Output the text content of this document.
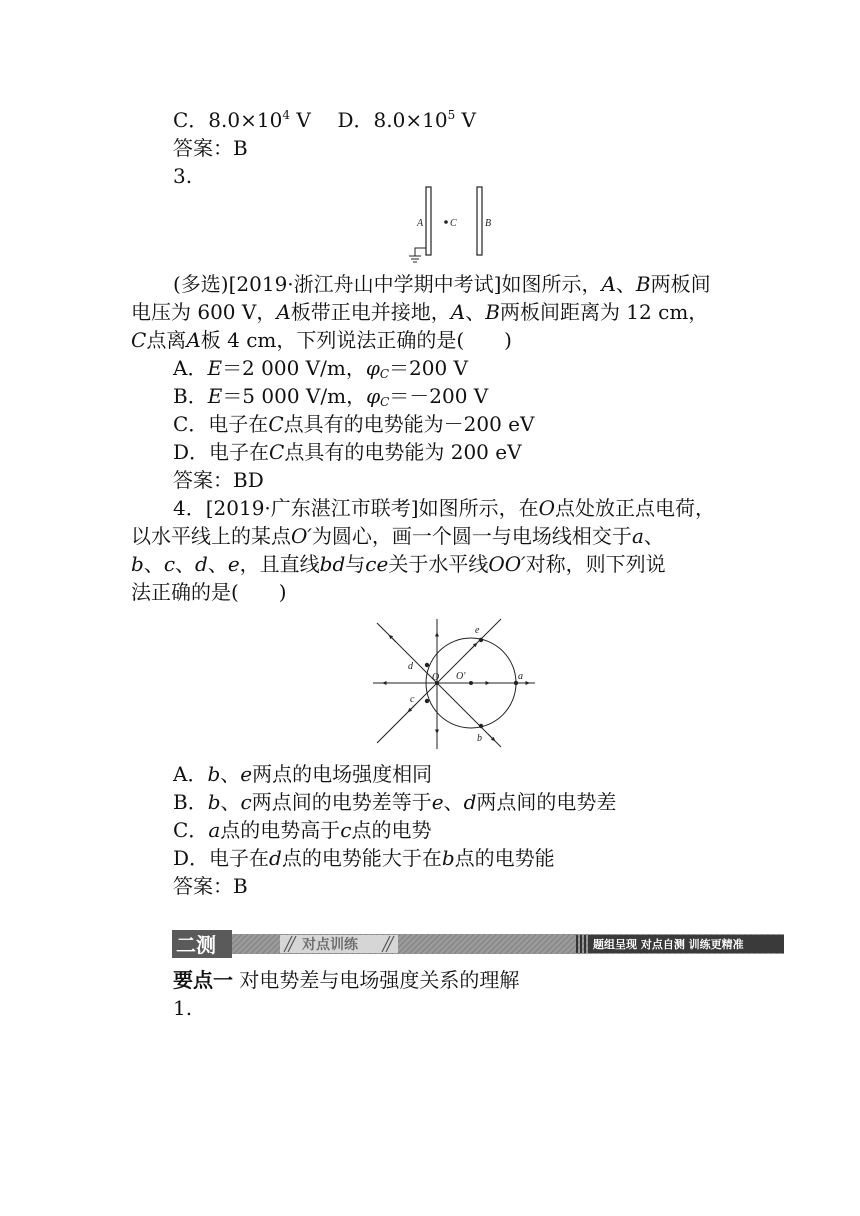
C．$8.0\times 10^4$ V D．$8.0\times 10^5$ V
答案：B
3.
A	C	B
(多选)[2019·浙江舟山中学期中考试]如图所示，A、B两板间
电压为 600 V，A板带正电并接地，A、B两板间距离为 12 cm，
C点离A板 4 cm，下列说法正确的是(　　)
A．E＝2 000 V/m，$\varphi_C=200$ V
B．E＝5 000 V/m，$\varphi_C=-200$ V
C．电子在C点具有的电势能为－200 eV
D．电子在C点具有的电势能为 200 eV
答案：BD
4．[2019·广东湛江市联考]如图所示，在O点处放正点电荷，
以水平线上的某点O′为圆心，画一个圆一与电场线相交于a、
b、c、d、e，且直线bd与ce关于水平线OO′对称，则下列说
法正确的是(　　)
e
d
O O′	a
c
b
A．b、e两点的电场强度相同
B．b、c两点间的电势差等于e、d两点间的电势差
C．a点的电势高于c点的电势
D．电子在d点的电势能大于在b点的电势能
答案：B
二测	对点训练	题组呈现 对点自测 训练更精准
要点一 对电势差与电场强度关系的理解
1.
